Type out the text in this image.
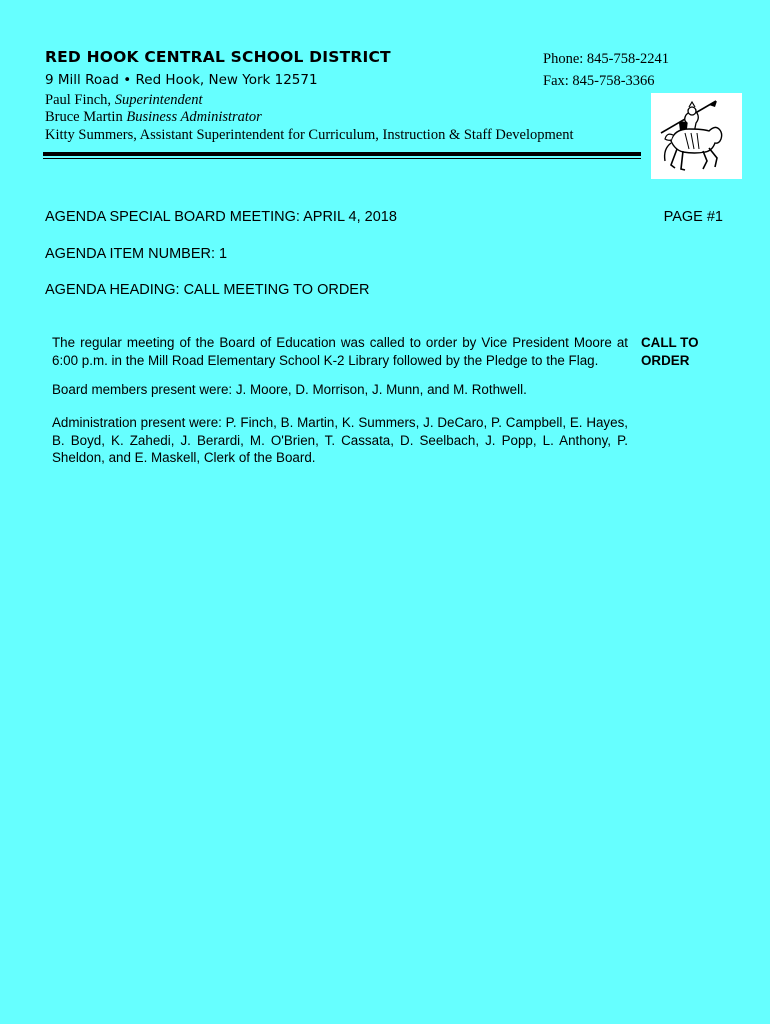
RED HOOK CENTRAL SCHOOL DISTRICT
9 Mill Road • Red Hook, New York 12571
Paul Finch, Superintendent
Bruce Martin Business Administrator
Kitty Summers, Assistant Superintendent for Curriculum, Instruction & Staff Development
Phone: 845-758-2241
Fax: 845-758-3366
AGENDA SPECIAL BOARD MEETING: APRIL 4, 2018	PAGE #1
AGENDA ITEM NUMBER: 1
AGENDA HEADING: CALL MEETING TO ORDER
The regular meeting of the Board of Education was called to order by Vice President Moore at 6:00 p.m. in the Mill Road Elementary School K-2 Library followed by the Pledge to the Flag.
CALL TO ORDER
Board members present were: J. Moore, D. Morrison, J. Munn, and M. Rothwell.
Administration present were: P. Finch, B. Martin, K. Summers, J. DeCaro, P. Campbell, E. Hayes, B. Boyd, K. Zahedi, J. Berardi, M. O'Brien, T. Cassata, D. Seelbach, J. Popp, L. Anthony, P. Sheldon, and E. Maskell, Clerk of the Board.
